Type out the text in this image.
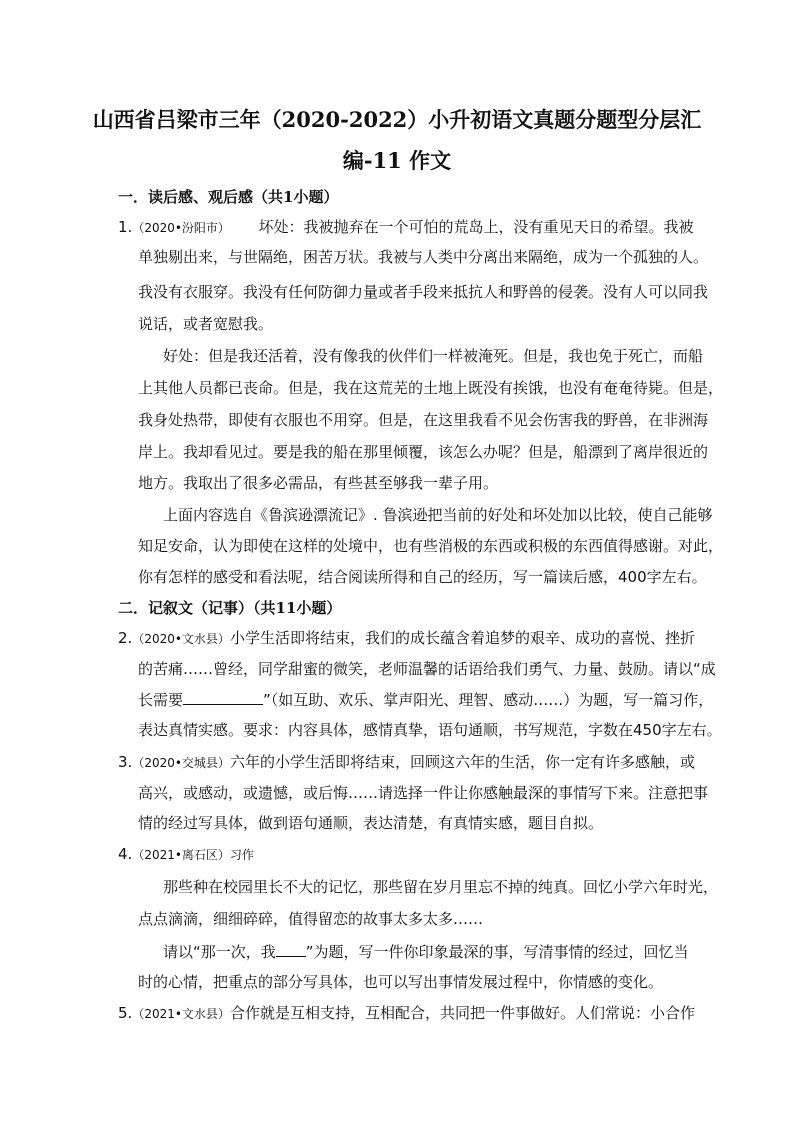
山西省吕梁市三年（2020-2022）小升初语文真题分题型分层汇
编-11 作文
一．读后感、观后感（共1小题）
1.（2020•汾阳市） 坏处：我被抛弃在一个可怕的荒岛上，没有重见天日的希望。我被
单独剔出来，与世隔绝，困苦万状。我被与人类中分离出来隔绝，成为一个孤独的人。
我没有衣服穿。我没有任何防御力量或者手段来抵抗人和野兽的侵袭。没有人可以同我
说话，或者宽慰我。
好处：但是我还活着，没有像我的伙伴们一样被淹死。但是，我也免于死亡，而船
上其他人员都已丧命。但是，我在这荒芜的土地上既没有挨饿，也没有奄奄待毙。但是，
我身处热带，即使有衣服也不用穿。但是，在这里我看不见会伤害我的野兽，在非洲海
岸上。我却看见过。要是我的船在那里倾覆，该怎么办呢？但是，船漂到了离岸很近的
地方。我取出了很多必需品，有些甚至够我一辈子用。
上面内容选自《鲁滨逊漂流记》. 鲁滨逊把当前的好处和坏处加以比较，使自己能够
知足安命，认为即使在这样的处境中，也有些消极的东西或积极的东西值得感谢。对此，
你有怎样的感受和看法呢，结合阅读所得和自己的经历，写一篇读后感，400字左右。
二．记叙文（记事）（共11小题）
2.（2020•文水县）小学生活即将结束，我们的成长蕴含着追梦的艰辛、成功的喜悦、挫折
的苦痛……曾经，同学甜蜜的微笑，老师温馨的话语给我们勇气、力量、鼓励。请以“成
长需要	”（如互助、欢乐、掌声阳光、理智、感动……）为题，写一篇习作，
表达真情实感。要求：内容具体，感情真挚，语句通顺，书写规范，字数在450字左右。
3.（2020•交城县）六年的小学生活即将结束，回顾这六年的生活，你一定有许多感触，或
高兴，或感动，或遗憾，或后悔……请选择一件让你感触最深的事情写下来。注意把事
情的经过写具体，做到语句通顺，表达清楚，有真情实感，题目自拟。
4.（2021•离石区）习作
那些种在校园里长不大的记忆，那些留在岁月里忘不掉的纯真。回忆小学六年时光，
点点滴滴，细细碎碎，值得留恋的故事太多太多……
请以“那一次，我 ”为题，写一件你印象最深的事，写清事情的经过，回忆当
时的心情，把重点的部分写具体，也可以写出事情发展过程中，你情感的变化。
5.（2021•文水县）合作就是互相支持，互相配合，共同把一件事做好。人们常说：小合作
